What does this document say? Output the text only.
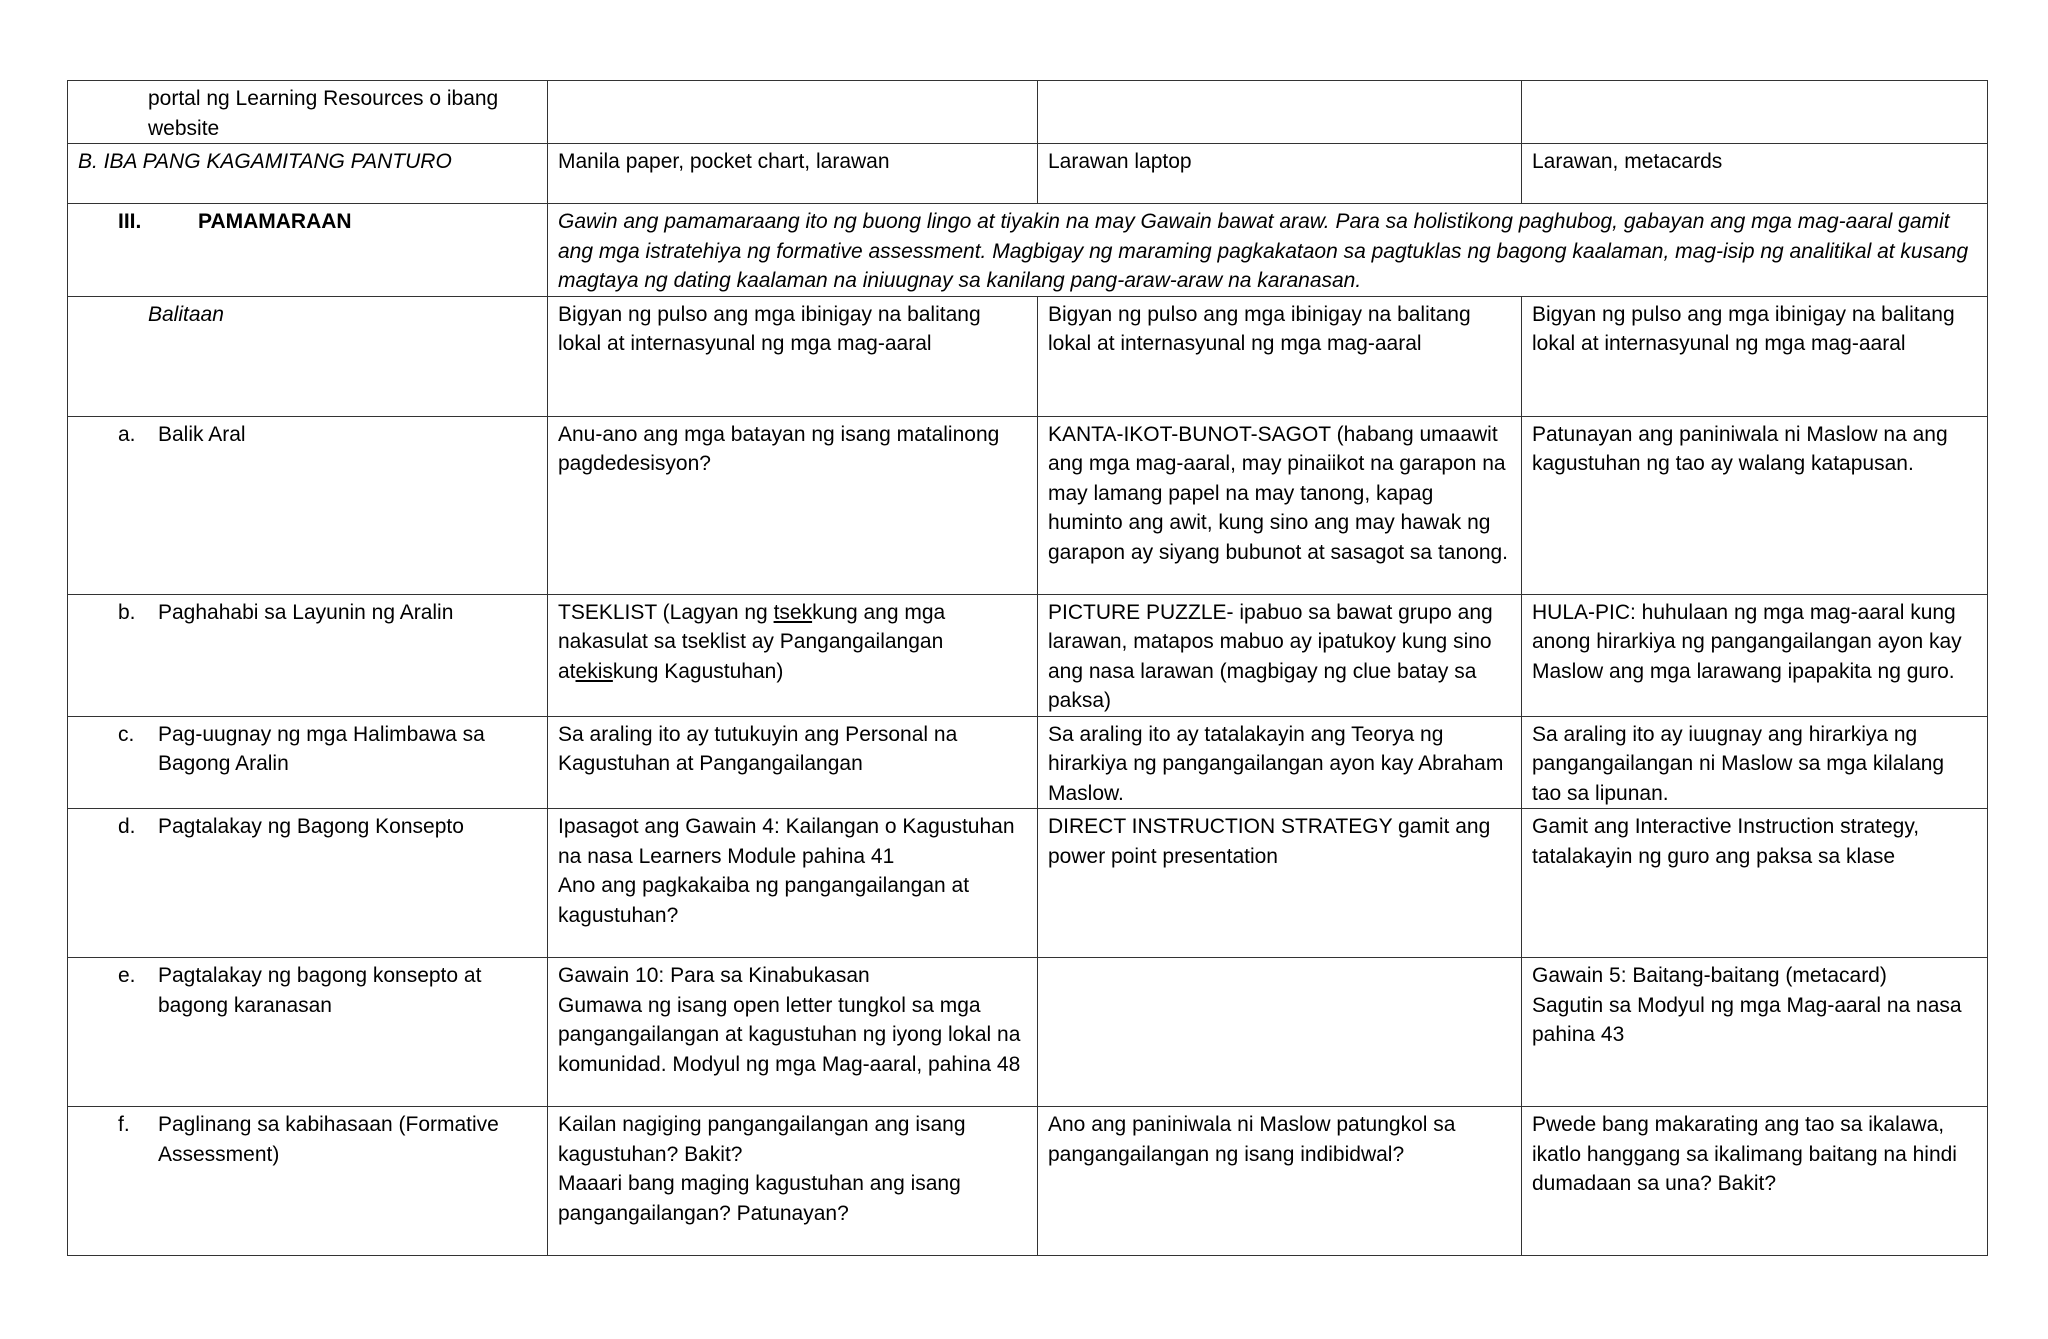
portal ng Learning Resources o ibang website			
B. IBA PANG KAGAMITANG PANTURO	Manila paper, pocket chart, larawan	Larawan laptop	Larawan, metacards

III. PAMAMARAAN	Gawin ang pamamaraang ito ng buong lingo at tiyakin na may Gawain bawat araw. Para sa holistikong paghubog, gabayan ang mga mag-aaral gamit ang mga istratehiya ng formative assessment. Magbigay ng maraming pagkakataon sa pagtuklas ng bagong kaalaman, mag-isip ng analitikal at kusang magtaya ng dating kaalaman na iniuugnay sa kanilang pang-araw-araw na karanasan.		
Balitaan	Bigyan ng pulso ang mga ibinigay na balitang lokal at internasyunal ng mga mag-aaral	Bigyan ng pulso ang mga ibinigay na balitang lokal at internasyunal ng mga mag-aaral	Bigyan ng pulso ang mga ibinigay na balitang lokal at internasyunal ng mga mag-aaral

a. Balik Aral	Anu-ano ang mga batayan ng isang matalinong pagdedesisyon?	KANTA-IKOT-BUNOT-SAGOT (habang umaawit ang mga mag-aaral, may pinaiikot na garapon na may lamang papel na may tanong, kapag huminto ang awit, kung sino ang may hawak ng garapon ay siyang bubunot at sasagot sa tanong.	Patunayan ang paniniwala ni Maslow na ang kagustuhan ng tao ay walang katapusan.

b. Paghahabi sa Layunin ng Aralin	TSEKLIST (Lagyan ng tsekkung ang mga nakasulat sa tseklist ay Pangangailangan atekiskung Kagustuhan)	PICTURE PUZZLE- ipabuo sa bawat grupo ang larawan, matapos mabuo ay ipatukoy kung sino ang nasa larawan (magbigay ng clue batay sa paksa)	HULA-PIC: huhulaan ng mga mag-aaral kung anong hirarkiya ng pangangailangan ayon kay Maslow ang mga larawang ipapakita ng guro.

c. Pag-uugnay ng mga Halimbawa sa Bagong Aralin	Sa araling ito ay tutukuyin ang Personal na Kagustuhan at Pangangailangan	Sa araling ito ay tatalakayin ang Teorya ng hirarkiya ng pangangailangan ayon kay Abraham Maslow.	Sa araling ito ay iuugnay ang hirarkiya ng pangangailangan ni Maslow sa mga kilalang tao sa lipunan.

d. Pagtalakay ng Bagong Konsepto	Ipasagot ang Gawain 4: Kailangan o Kagustuhan na nasa Learners Module pahina 41
Ano ang pagkakaiba ng pangangailangan at kagustuhan?	DIRECT INSTRUCTION STRATEGY gamit ang power point presentation	Gamit ang Interactive Instruction strategy, tatalakayin ng guro ang paksa sa klase

e. Pagtalakay ng bagong konsepto at bagong karanasan	Gawain 10: Para sa Kinabukasan
Gumawa ng isang open letter tungkol sa mga pangangailangan at kagustuhan ng iyong lokal na komunidad. Modyul ng mga Mag-aaral, pahina 48		Gawain 5: Baitang-baitang (metacard)
Sagutin sa Modyul ng mga Mag-aaral na nasa pahina 43

f. Paglinang sa kabihasaan (Formative Assessment)	Kailan nagiging pangangailangan ang isang kagustuhan? Bakit?
Maaari bang maging kagustuhan ang isang pangangailangan? Patunayan?	Ano ang paniniwala ni Maslow patungkol sa pangangailangan ng isang indibidwal?	Pwede bang makarating ang tao sa ikalawa, ikatlo hanggang sa ikalimang baitang na hindi dumadaan sa una? Bakit?
